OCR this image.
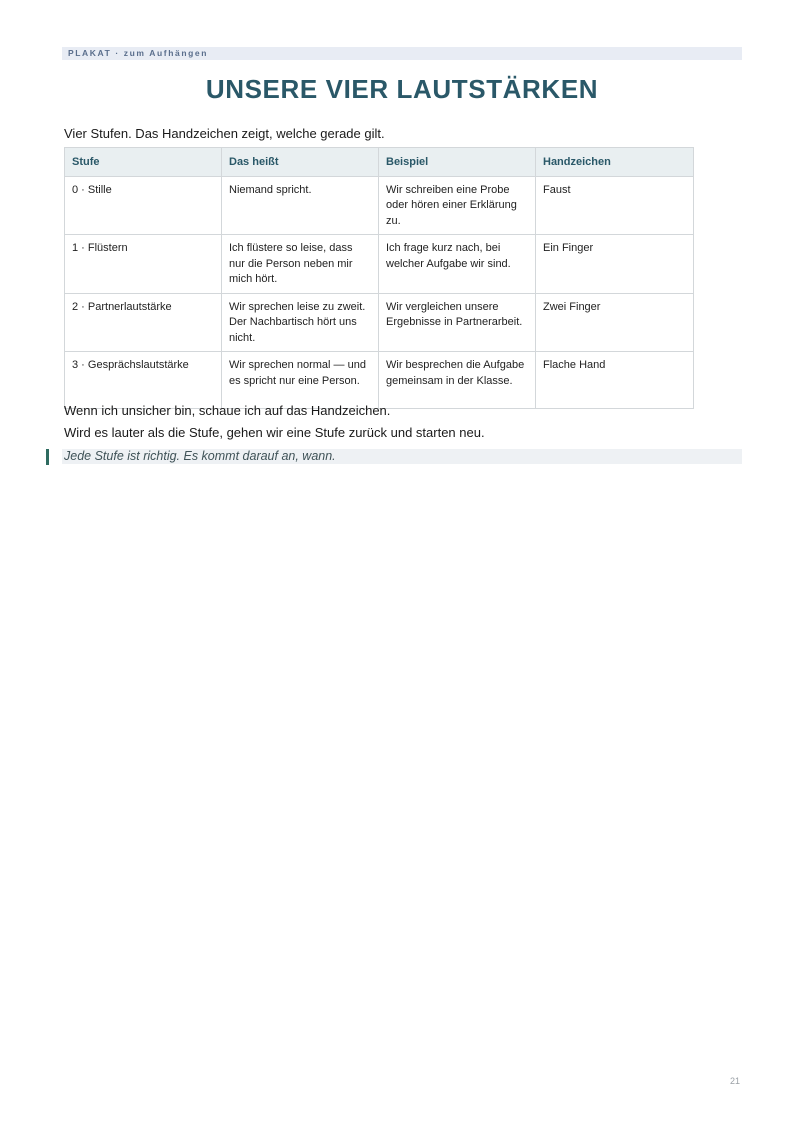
PLAKAT · zum Aufhängen
UNSERE VIER LAUTSTÄRKEN

Vier Stufen. Das Handzeichen zeigt, welche gerade gilt.

Stufe	Das heißt	Beispiel	Handzeichen
0 · Stille	Niemand spricht.	Wir schreiben eine Probe oder hören einer Erklärung zu.	Faust
1 · Flüstern	Ich flüstere so leise, dass nur die Person neben mir mich hört.	Ich frage kurz nach, bei welcher Aufgabe wir sind.	Ein Finger
2 · Partnerlautstärke	Wir sprechen leise zu zweit. Der Nachbartisch hört uns nicht.	Wir vergleichen unsere Ergebnisse in Partnerarbeit.	Zwei Finger
3 · Gesprächslautstärke	Wir sprechen normal — und es spricht nur eine Person.	Wir besprechen die Aufgabe gemeinsam in der Klasse.	Flache Hand

Wenn ich unsicher bin, schaue ich auf das Handzeichen.

Wird es lauter als die Stufe, gehen wir eine Stufe zurück und starten neu.

Jede Stufe ist richtig. Es kommt darauf an, wann.
21
